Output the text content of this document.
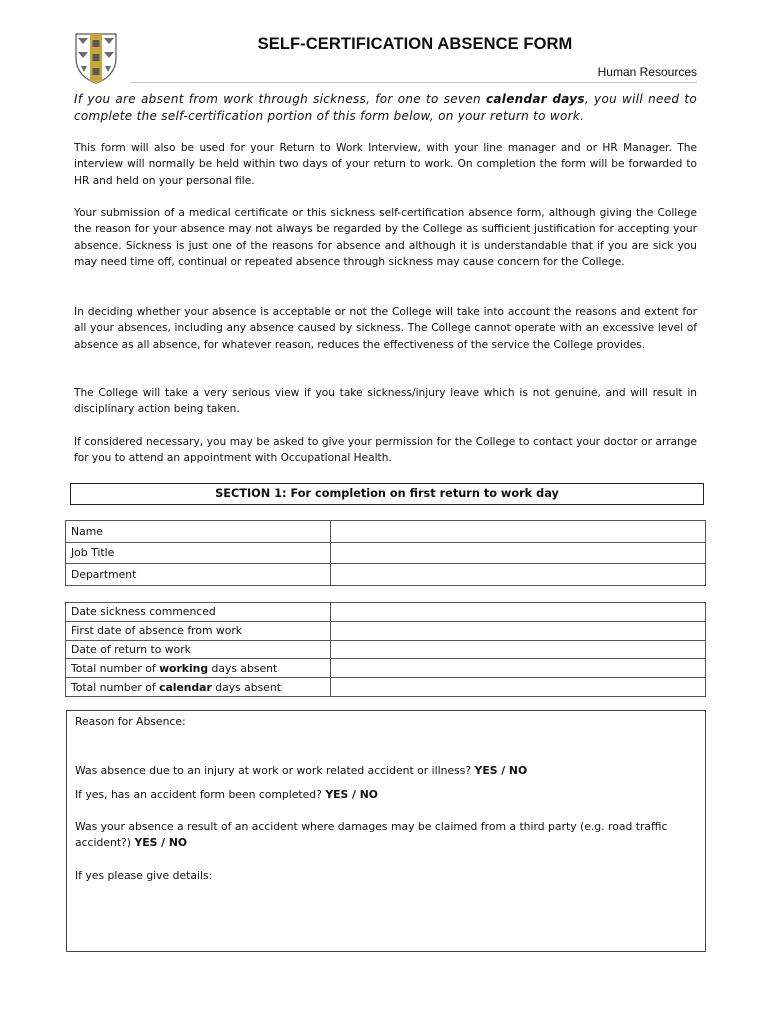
SELF-CERTIFICATION ABSENCE FORM
Human Resources
If you are absent from work through sickness, for one to seven calendar days, you will need to complete the self-certification portion of this form below, on your return to work.
This form will also be used for your Return to Work Interview, with your line manager and or HR Manager. The interview will normally be held within two days of your return to work. On completion the form will be forwarded to HR and held on your personal file.
Your submission of a medical certificate or this sickness self-certification absence form, although giving the College the reason for your absence may not always be regarded by the College as sufficient justification for accepting your absence. Sickness is just one of the reasons for absence and although it is understandable that if you are sick you may need time off, continual or repeated absence through sickness may cause concern for the College.
In deciding whether your absence is acceptable or not the College will take into account the reasons and extent for all your absences, including any absence caused by sickness. The College cannot operate with an excessive level of absence as all absence, for whatever reason, reduces the effectiveness of the service the College provides.
The College will take a very serious view if you take sickness/injury leave which is not genuine, and will result in disciplinary action being taken.
If considered necessary, you may be asked to give your permission for the College to contact your doctor or arrange for you to attend an appointment with Occupational Health.
SECTION 1: For completion on first return to work day
Name	
Job Title	
Department	
Date sickness commenced	
First date of absence from work	
Date of return to work	
Total number of working days absent	
Total number of calendar days absent	
Reason for Absence:
Was absence due to an injury at work or work related accident or illness? YES / NO
If yes, has an accident form been completed? YES / NO
Was your absence a result of an accident where damages may be claimed from a third party (e.g. road traffic accident?) YES / NO
If yes please give details:
